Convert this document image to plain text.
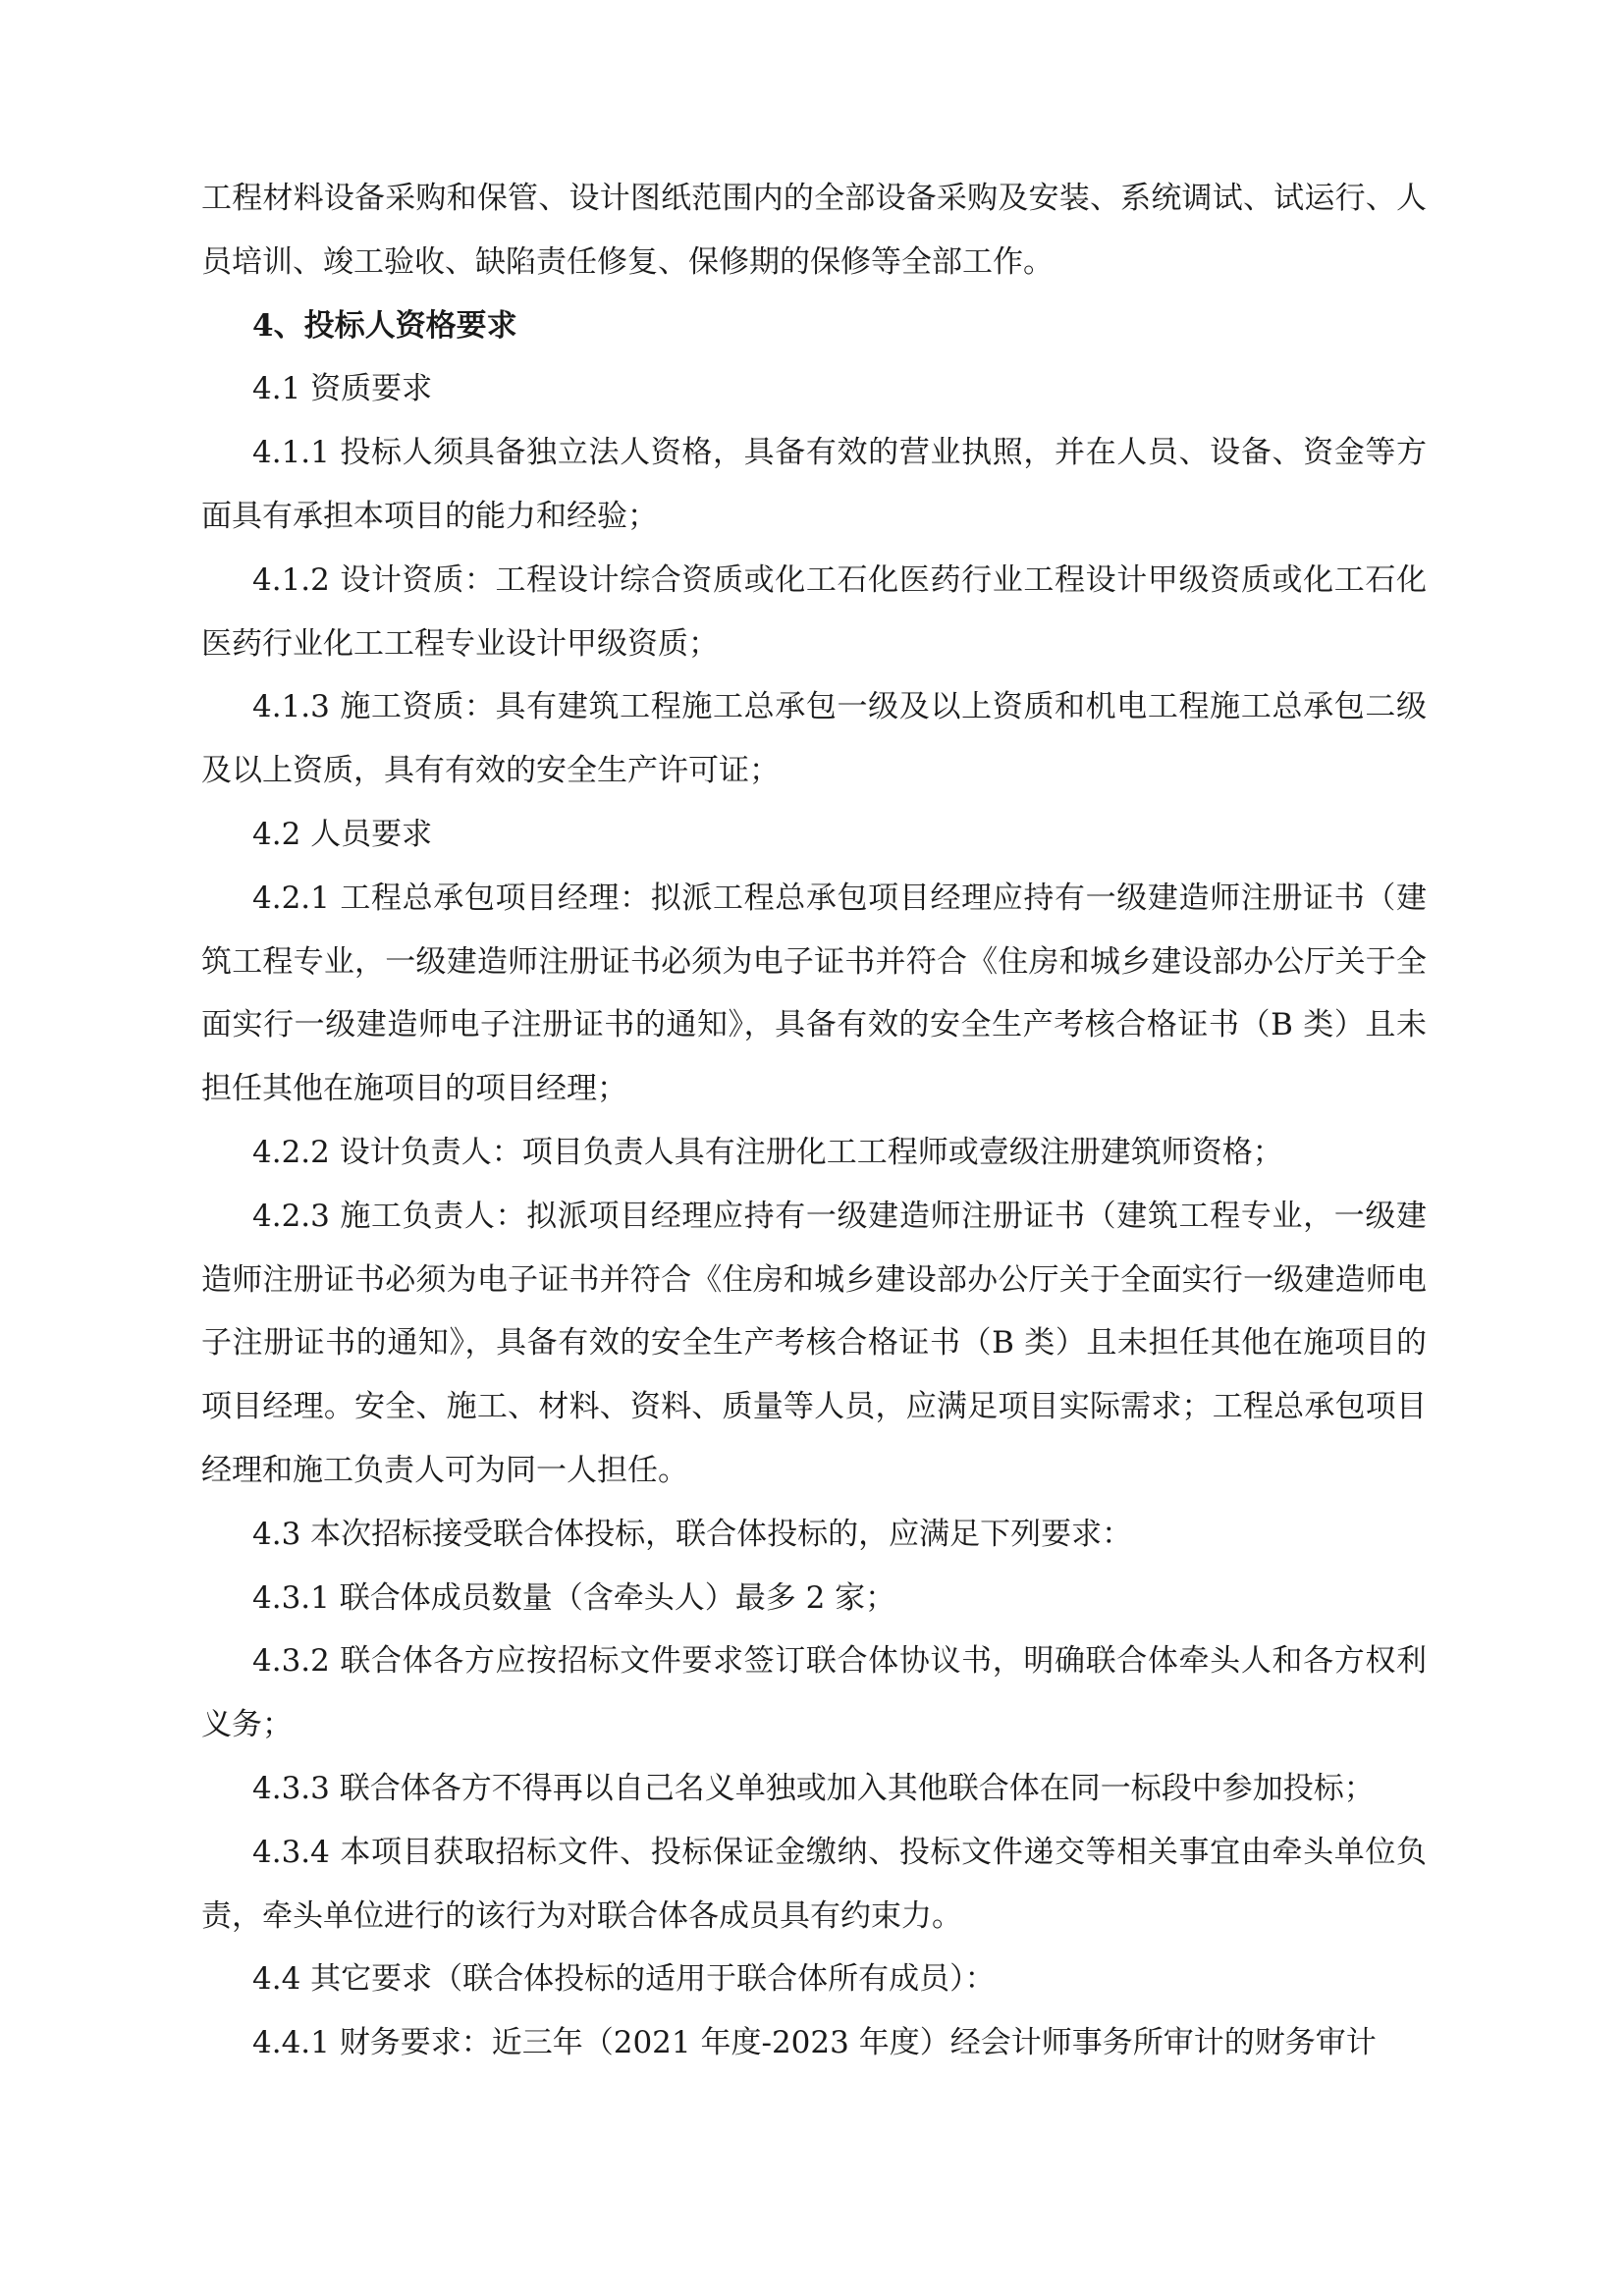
工程材料设备采购和保管、设计图纸范围内的全部设备采购及安装、系统调试、试运行、人员培训、竣工验收、缺陷责任修复、保修期的保修等全部工作。

4、投标人资格要求

4.1 资质要求

4.1.1 投标人须具备独立法人资格，具备有效的营业执照，并在人员、设备、资金等方面具有承担本项目的能力和经验；

4.1.2 设计资质：工程设计综合资质或化工石化医药行业工程设计甲级资质或化工石化医药行业化工工程专业设计甲级资质；

4.1.3 施工资质：具有建筑工程施工总承包一级及以上资质和机电工程施工总承包二级及以上资质，具有有效的安全生产许可证；

4.2 人员要求

4.2.1 工程总承包项目经理：拟派工程总承包项目经理应持有一级建造师注册证书（建筑工程专业，一级建造师注册证书必须为电子证书并符合《住房和城乡建设部办公厅关于全面实行一级建造师电子注册证书的通知》，具备有效的安全生产考核合格证书（B 类）且未担任其他在施项目的项目经理；

4.2.2 设计负责人：项目负责人具有注册化工工程师或壹级注册建筑师资格；

4.2.3 施工负责人：拟派项目经理应持有一级建造师注册证书（建筑工程专业，一级建造师注册证书必须为电子证书并符合《住房和城乡建设部办公厅关于全面实行一级建造师电子注册证书的通知》，具备有效的安全生产考核合格证书（B 类）且未担任其他在施项目的项目经理。安全、施工、材料、资料、质量等人员，应满足项目实际需求；工程总承包项目经理和施工负责人可为同一人担任。

4.3 本次招标接受联合体投标，联合体投标的，应满足下列要求：

4.3.1 联合体成员数量（含牵头人）最多 2 家；

4.3.2 联合体各方应按招标文件要求签订联合体协议书，明确联合体牵头人和各方权利义务；

4.3.3 联合体各方不得再以自己名义单独或加入其他联合体在同一标段中参加投标；

4.3.4 本项目获取招标文件、投标保证金缴纳、投标文件递交等相关事宜由牵头单位负责，牵头单位进行的该行为对联合体各成员具有约束力。

4.4 其它要求（联合体投标的适用于联合体所有成员）：

4.4.1 财务要求：近三年（2021 年度-2023 年度）经会计师事务所审计的财务审计
